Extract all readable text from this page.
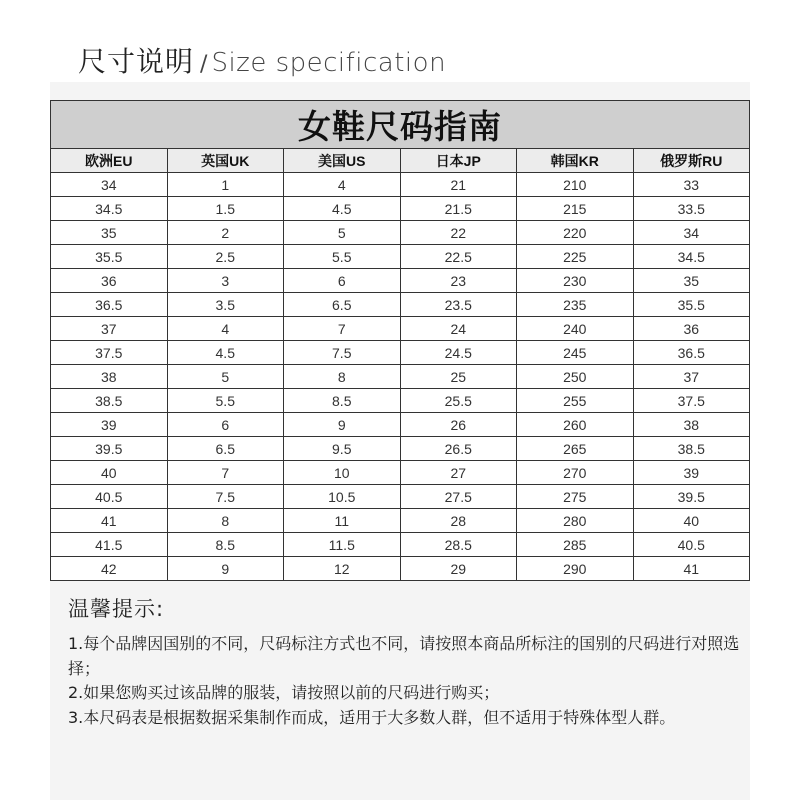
尺寸说明 / Size specification
女鞋尺码指南					
欧洲EU	英国UK	美国US	日本JP	韩国KR	俄罗斯RU
34	1	4	21	210	33
34.5	1.5	4.5	21.5	215	33.5
35	2	5	22	220	34
35.5	2.5	5.5	22.5	225	34.5
36	3	6	23	230	35
36.5	3.5	6.5	23.5	235	35.5
37	4	7	24	240	36
37.5	4.5	7.5	24.5	245	36.5
38	5	8	25	250	37
38.5	5.5	8.5	25.5	255	37.5
39	6	9	26	260	38
39.5	6.5	9.5	26.5	265	38.5
40	7	10	27	270	39
40.5	7.5	10.5	27.5	275	39.5
41	8	11	28	280	40
41.5	8.5	11.5	28.5	285	40.5
42	9	12	29	290	41
温馨提示:

1.每个品牌因国别的不同，尺码标注方式也不同，请按照本商品所标注的国别的尺码进行对照选择；

2.如果您购买过该品牌的服装，请按照以前的尺码进行购买；

3.本尺码表是根据数据采集制作而成，适用于大多数人群，但不适用于特殊体型人群。
